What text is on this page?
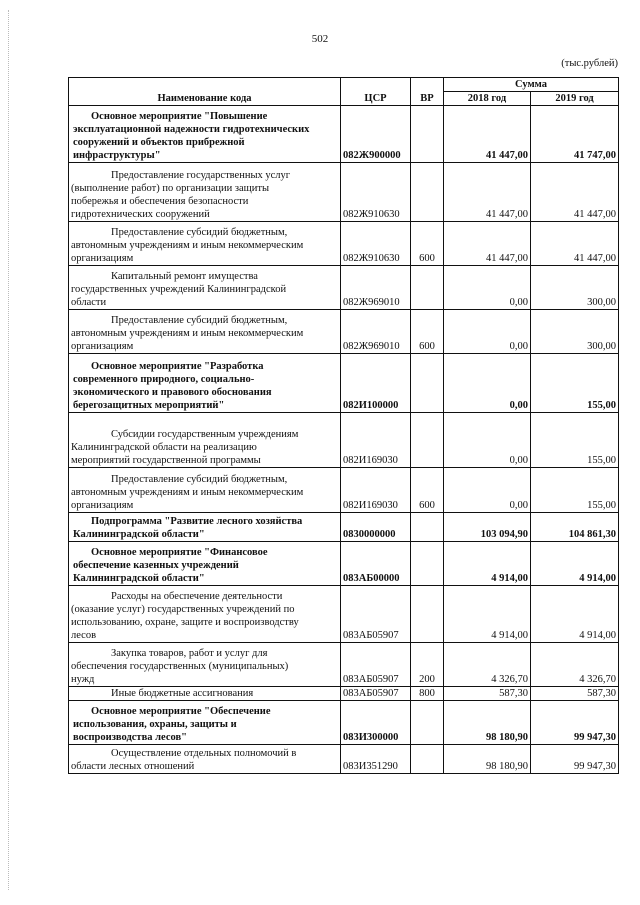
502
(тыс.рублей)
Наименование кода	ЦСР	ВР	Сумма	
			2018 год	2019 год
Основное мероприятие "Повышение
эксплуатационной надежности гидротехнических
сооружений и объектов прибрежной
инфраструктуры"	082Ж900000		41 447,00	41 747,00
Предоставление государственных услуг
(выполнение работ) по организации защиты
побережья и обеспечения безопасности
гидротехнических сооружений	082Ж910630		41 447,00	41 447,00
Предоставление субсидий бюджетным,
автономным учреждениям и иным некоммерческим
организациям	082Ж910630	600	41 447,00	41 447,00
Капитальный ремонт имущества
государственных учреждений Калининградской
области	082Ж969010		0,00	300,00
Предоставление субсидий бюджетным,
автономным учреждениям и иным некоммерческим
организациям	082Ж969010	600	0,00	300,00
Основное мероприятие "Разработка
современного природного, социально-
экономического и правового обоснования
берегозащитных мероприятий"	082И100000		0,00	155,00
Субсидии государственным учреждениям
Калининградской области на реализацию
мероприятий государственной программы	082И169030		0,00	155,00
Предоставление субсидий бюджетным,
автономным учреждениям и иным некоммерческим
организациям	082И169030	600	0,00	155,00
Подпрограмма "Развитие лесного хозяйства
Калининградской области"	0830000000		103 094,90	104 861,30
Основное мероприятие "Финансовое
обеспечение казенных учреждений
Калининградской области"	083АБ00000		4 914,00	4 914,00
Расходы на обеспечение деятельности
(оказание услуг) государственных учреждений по
использованию, охране, защите и воспроизводству
лесов	083АБ05907		4 914,00	4 914,00
Закупка товаров, работ и услуг для
обеспечения государственных (муниципальных)
нужд	083АБ05907	200	4 326,70	4 326,70
Иные бюджетные ассигнования	083АБ05907	800	587,30	587,30
Основное мероприятие "Обеспечение
использования, охраны, защиты и
воспроизводства лесов"	083И300000		98 180,90	99 947,30
Осуществление отдельных полномочий в
области лесных отношений	083И351290		98 180,90	99 947,30
